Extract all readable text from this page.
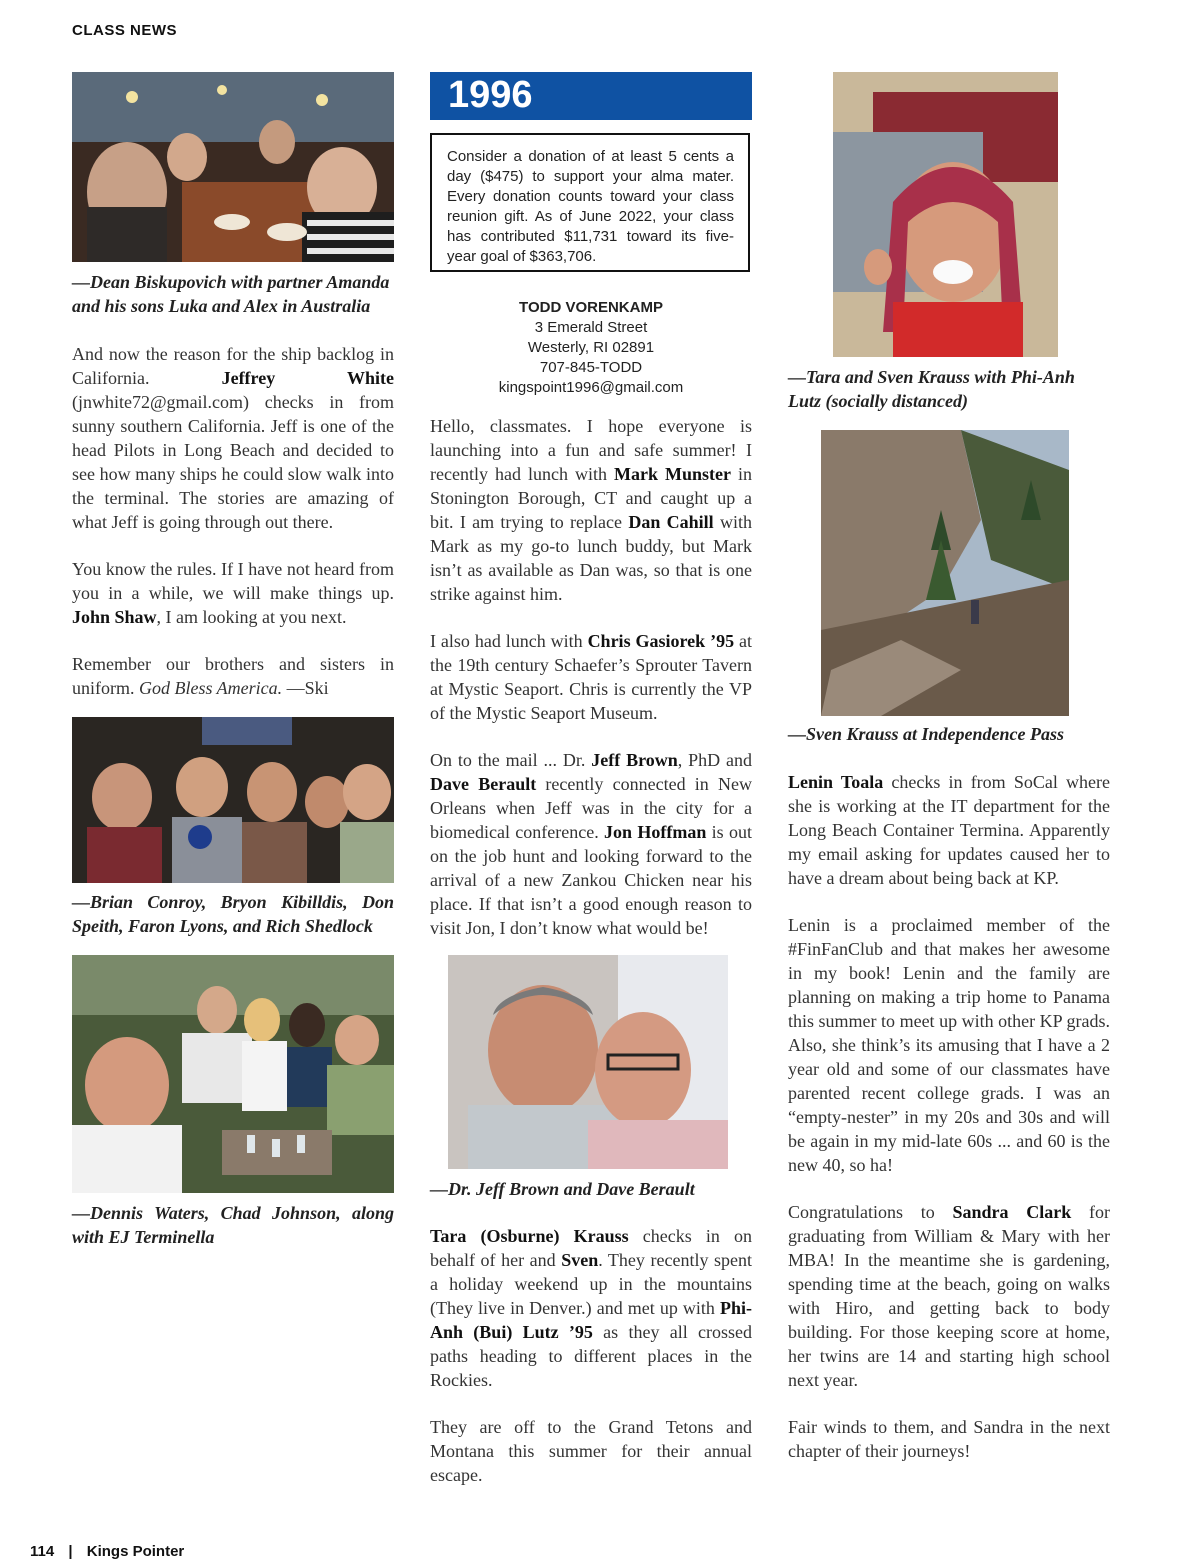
CLASS NEWS
—Dean Biskupovich with partner Amanda and his sons Luka and Alex in Australia

And now the reason for the ship backlog in California. Jeffrey White (jnwhite72@gmail.com) checks in from sunny southern California. Jeff is one of the head Pilots in Long Beach and decided to see how many ships he could slow walk into the terminal. The stories are amazing of what Jeff is going through out there.

You know the rules. If I have not heard from you in a while, we will make things up. John Shaw, I am looking at you next.

Remember our brothers and sisters in uniform. God Bless America. —Ski

—Brian Conroy, Bryon Kibilldis, Don Speith, Faron Lyons, and Rich Shedlock
—Dennis Waters, Chad Johnson, along with EJ Terminella
1996
Consider a donation of at least 5 cents a day ($475) to support your alma mater. Every donation counts toward your class reunion gift. As of June 2022, your class has contributed $11,731 toward its five-year goal of $363,706.
TODD VORENKAMP
3 Emerald Street
Westerly, RI 02891
707-845-TODD
kingspoint1996@gmail.com

Hello, classmates. I hope everyone is launching into a fun and safe summer! I recently had lunch with Mark Munster in Stonington Borough, CT and caught up a bit. I am trying to replace Dan Cahill with Mark as my go-to lunch buddy, but Mark isn’t as available as Dan was, so that is one strike against him.

I also had lunch with Chris Gasiorek ’95 at the 19th century Schaefer’s Sprouter Tavern at Mystic Seaport. Chris is currently the VP of the Mystic Seaport Museum.

On to the mail ... Dr. Jeff Brown, PhD and Dave Berault recently connected in New Orleans when Jeff was in the city for a biomedical conference. Jon Hoffman is out on the job hunt and looking forward to the arrival of a new Zankou Chicken near his place. If that isn’t a good enough reason to visit Jon, I don’t know what would be!

—Dr. Jeff Brown and Dave Berault

Tara (Osburne) Krauss checks in on behalf of her and Sven. They recently spent a holiday weekend up in the mountains (They live in Denver.) and met up with Phi-Anh (Bui) Lutz ’95 as they all crossed paths heading to different places in the Rockies.

They are off to the Grand Tetons and Montana this summer for their annual escape.

—Tara and Sven Krauss with Phi-Anh Lutz (socially distanced)
—Sven Krauss at Independence Pass

Lenin Toala checks in from SoCal where she is working at the IT department for the Long Beach Container Termina. Apparently my email asking for updates caused her to have a dream about being back at KP.

Lenin is a proclaimed member of the #FinFanClub and that makes her awesome in my book! Lenin and the family are planning on making a trip home to Panama this summer to meet up with other KP grads. Also, she think’s its amusing that I have a 2 year old and some of our classmates have parented recent college grads. I was an “empty-nester” in my 20s and 30s and will be again in my mid-late 60s ... and 60 is the new 40, so ha!

Congratulations to Sandra Clark for graduating from William & Mary with her MBA! In the meantime she is gardening, spending time at the beach, going on walks with Hiro, and getting back to body building. For those keeping score at home, her twins are 14 and starting high school next year.

Fair winds to them, and Sandra in the next chapter of their journeys!

114 | Kings Pointer
